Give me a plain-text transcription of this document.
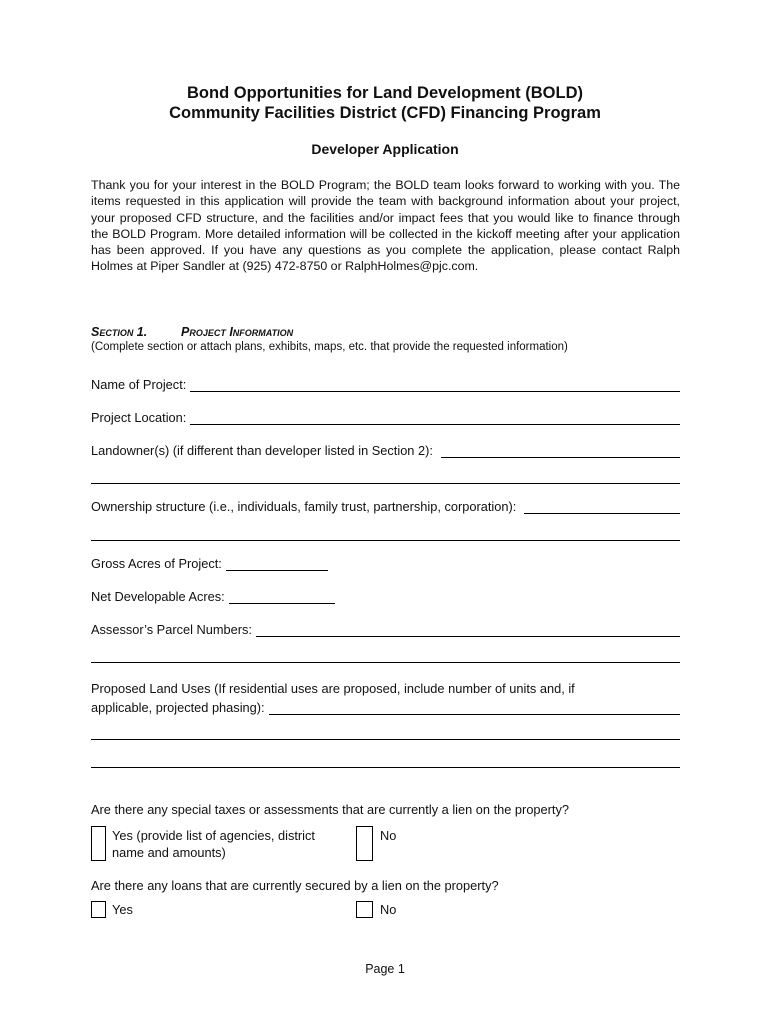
Bond Opportunities for Land Development (BOLD)
Community Facilities District (CFD) Financing Program
Developer Application
Thank you for your interest in the BOLD Program; the BOLD team looks forward to working with you. The items requested in this application will provide the team with background information about your project, your proposed CFD structure, and the facilities and/or impact fees that you would like to finance through the BOLD Program. More detailed information will be collected in the kickoff meeting after your application has been approved. If you have any questions as you complete the application, please contact Ralph Holmes at Piper Sandler at (925) 472-8750 or RalphHolmes@pjc.com.
Section 1.	Project Information
(Complete section or attach plans, exhibits, maps, etc. that provide the requested information)
Name of Project:
Project Location:
Landowner(s) (if different than developer listed in Section 2):
Ownership structure (i.e., individuals, family trust, partnership, corporation):
Gross Acres of Project:
Net Developable Acres:
Assessor’s Parcel Numbers:
Proposed Land Uses (If residential uses are proposed, include number of units and, if
applicable, projected phasing):
Are there any special taxes or assessments that are currently a lien on the property?
Yes (provide list of agencies, district name and amounts)
No
Are there any loans that are currently secured by a lien on the property?
Yes	No
Page 1
